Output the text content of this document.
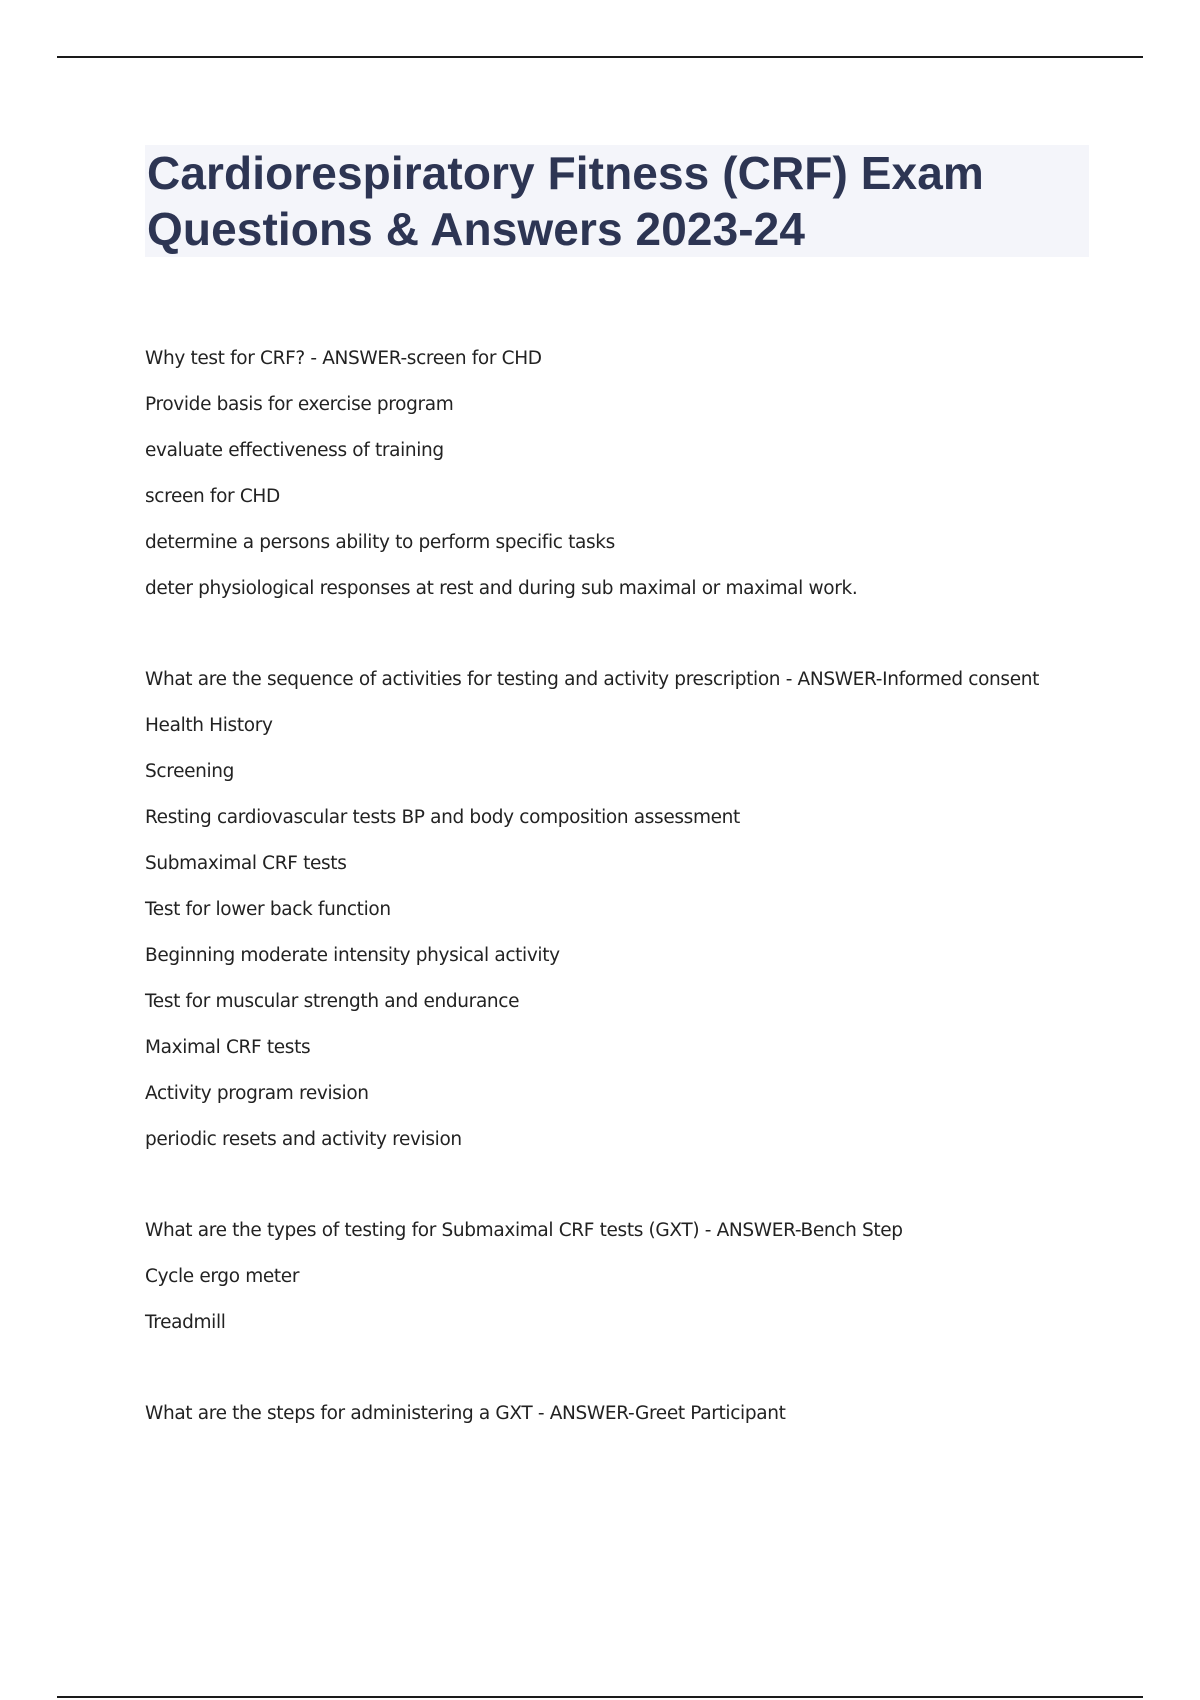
Cardiorespiratory Fitness (CRF) Exam
Questions & Answers 2023-24
Why test for CRF? - ANSWER-screen for CHD
Provide basis for exercise program
evaluate effectiveness of training
screen for CHD
determine a persons ability to perform specific tasks
deter physiological responses at rest and during sub maximal or maximal work.
What are the sequence of activities for testing and activity prescription - ANSWER-Informed consent
Health History
Screening
Resting cardiovascular tests BP and body composition assessment
Submaximal CRF tests
Test for lower back function
Beginning moderate intensity physical activity
Test for muscular strength and endurance
Maximal CRF tests
Activity program revision
periodic resets and activity revision
What are the types of testing for Submaximal CRF tests (GXT) - ANSWER-Bench Step
Cycle ergo meter
Treadmill
What are the steps for administering a GXT - ANSWER-Greet Participant
